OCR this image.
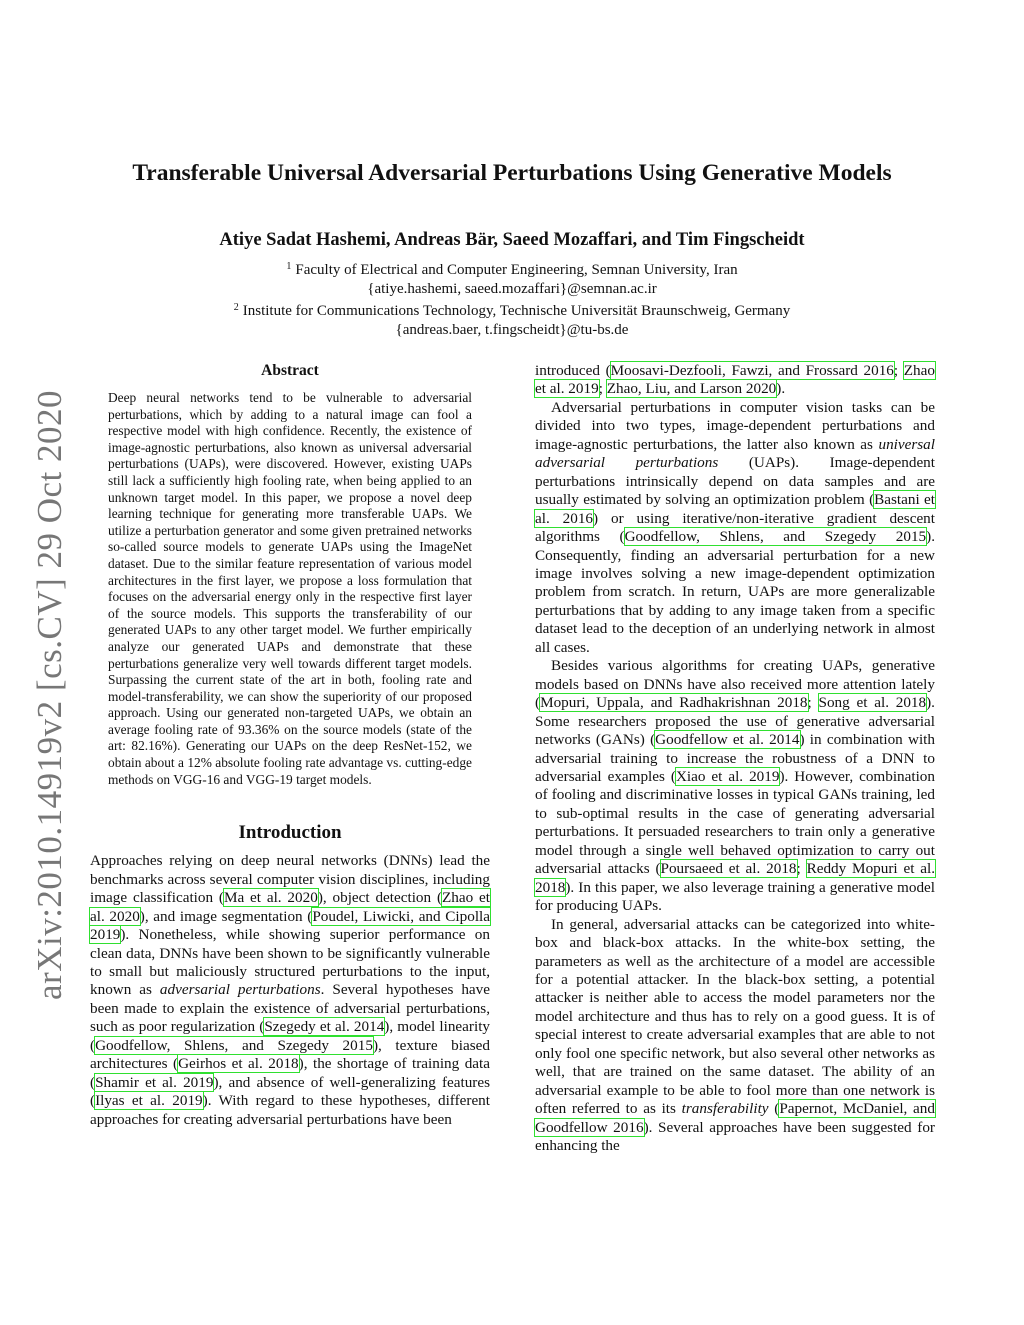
arXiv:2010.14919v2 [cs.CV] 29 Oct 2020
Transferable Universal Adversarial Perturbations Using Generative Models
Atiye Sadat Hashemi, Andreas Bär, Saeed Mozaffari, and Tim Fingscheidt
$^1$ Faculty of Electrical and Computer Engineering, Semnan University, Iran
{atiye.hashemi, saeed.mozaffari}@semnan.ac.ir
$^2$ Institute for Communications Technology, Technische Universität Braunschweig, Germany
{andreas.baer, t.fingscheidt}@tu-bs.de
Abstract

Deep neural networks tend to be vulnerable to adversarial perturbations, which by adding to a natural image can fool a respective model with high confidence. Recently, the existence of image-agnostic perturbations, also known as universal adversarial perturbations (UAPs), were discovered. However, existing UAPs still lack a sufficiently high fooling rate, when being applied to an unknown target model. In this paper, we propose a novel deep learning technique for generating more transferable UAPs. We utilize a perturbation generator and some given pretrained networks so-called source models to generate UAPs using the ImageNet dataset. Due to the similar feature representation of various model architectures in the first layer, we propose a loss formulation that focuses on the adversarial energy only in the respective first layer of the source models. This supports the transferability of our generated UAPs to any other target model. We further empirically analyze our generated UAPs and demonstrate that these perturbations generalize very well towards different target models. Surpassing the current state of the art in both, fooling rate and model-transferability, we can show the superiority of our proposed approach. Using our generated non-targeted UAPs, we obtain an average fooling rate of 93.36% on the source models (state of the art: 82.16%). Generating our UAPs on the deep ResNet-152, we obtain about a 12% absolute fooling rate advantage vs. cutting-edge methods on VGG-16 and VGG-19 target models.

Introduction

Approaches relying on deep neural networks (DNNs) lead the benchmarks across several computer vision disciplines, including image classification (Ma et al. 2020), object detection (Zhao et al. 2020), and image segmentation (Poudel, Liwicki, and Cipolla 2019). Nonetheless, while showing superior performance on clean data, DNNs have been shown to be significantly vulnerable to small but maliciously structured perturbations to the input, known as adversarial perturbations. Several hypotheses have been made to explain the existence of adversarial perturbations, such as poor regularization (Szegedy et al. 2014), model linearity (Goodfellow, Shlens, and Szegedy 2015), texture biased architectures (Geirhos et al. 2018), the shortage of training data (Shamir et al. 2019), and absence of well-generalizing features (Ilyas et al. 2019). With regard to these hypotheses, different approaches for creating adversarial perturbations have been

introduced (Moosavi-Dezfooli, Fawzi, and Frossard 2016; Zhao et al. 2019; Zhao, Liu, and Larson 2020).

Adversarial perturbations in computer vision tasks can be divided into two types, image-dependent perturbations and image-agnostic perturbations, the latter also known as universal adversarial perturbations (UAPs). Image-dependent perturbations intrinsically depend on data samples and are usually estimated by solving an optimization problem (Bastani et al. 2016) or using iterative/non-iterative gradient descent algorithms (Goodfellow, Shlens, and Szegedy 2015). Consequently, finding an adversarial perturbation for a new image involves solving a new image-dependent optimization problem from scratch. In return, UAPs are more generalizable perturbations that by adding to any image taken from a specific dataset lead to the deception of an underlying network in almost all cases.

Besides various algorithms for creating UAPs, generative models based on DNNs have also received more attention lately (Mopuri, Uppala, and Radhakrishnan 2018; Song et al. 2018). Some researchers proposed the use of generative adversarial networks (GANs) (Goodfellow et al. 2014) in combination with adversarial training to increase the robustness of a DNN to adversarial examples (Xiao et al. 2019). However, combination of fooling and discriminative losses in typical GANs training, led to sub-optimal results in the case of generating adversarial perturbations. It persuaded researchers to train only a generative model through a single well behaved optimization to carry out adversarial attacks (Poursaeed et al. 2018; Reddy Mopuri et al. 2018). In this paper, we also leverage training a generative model for producing UAPs.

In general, adversarial attacks can be categorized into white-box and black-box attacks. In the white-box setting, the parameters as well as the architecture of a model are accessible for a potential attacker. In the black-box setting, a potential attacker is neither able to access the model parameters nor the model architecture and thus has to rely on a good guess. It is of special interest to create adversarial examples that are able to not only fool one specific network, but also several other networks as well, that are trained on the same dataset. The ability of an adversarial example to be able to fool more than one network is often referred to as its transferability (Papernot, McDaniel, and Goodfellow 2016). Several approaches have been suggested for enhancing the
